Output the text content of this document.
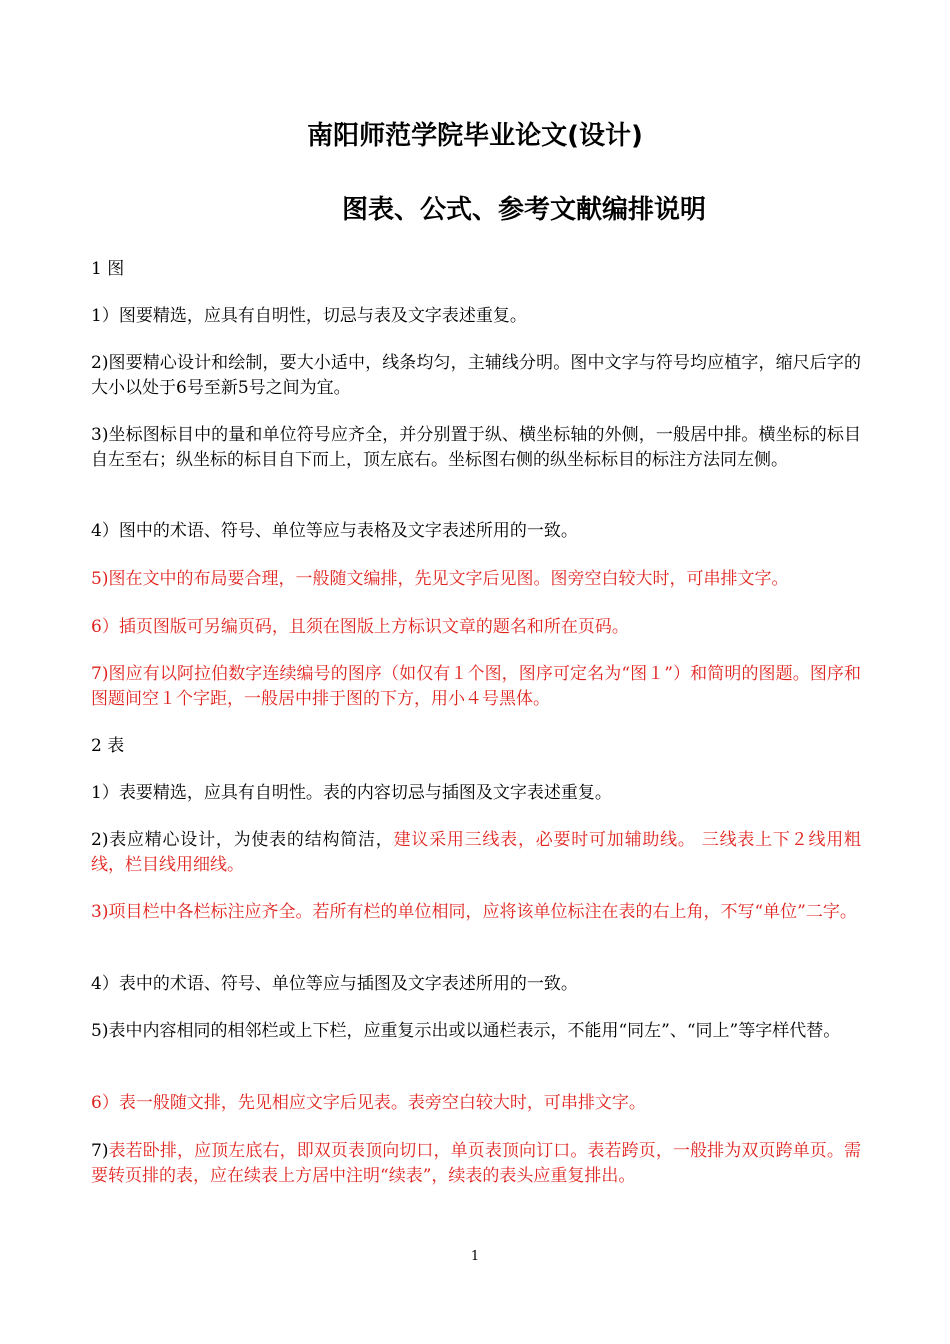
南阳师范学院毕业论文(设计)
图表、公式、参考文献编排说明
1 图
1）图要精选，应具有自明性，切忌与表及文字表述重复。
2)图要精心设计和绘制，要大小适中，线条均匀，主辅线分明。图中文字与符号均应植字，缩尺后字的大小以处于6号至新5号之间为宜。
3)坐标图标目中的量和单位符号应齐全，并分别置于纵、横坐标轴的外侧，一般居中排。横坐标的标目自左至右；纵坐标的标目自下而上，顶左底右。坐标图右侧的纵坐标标目的标注方法同左侧。
4）图中的术语、符号、单位等应与表格及文字表述所用的一致。
5)图在文中的布局要合理，一般随文编排，先见文字后见图。图旁空白较大时，可串排文字。
6）插页图版可另编页码，且须在图版上方标识文章的题名和所在页码。
7)图应有以阿拉伯数字连续编号的图序（如仅有１个图，图序可定名为“图１”）和简明的图题。图序和图题间空１个字距，一般居中排于图的下方，用小４号黑体。
2 表
1）表要精选，应具有自明性。表的内容切忌与插图及文字表述重复。
2)表应精心设计，为使表的结构简洁，建议采用三线表，必要时可加辅助线。 三线表上下２线用粗线，栏目线用细线。
3)项目栏中各栏标注应齐全。若所有栏的单位相同，应将该单位标注在表的右上角，不写“单位”二字。
4）表中的术语、符号、单位等应与插图及文字表述所用的一致。
5)表中内容相同的相邻栏或上下栏，应重复示出或以通栏表示，不能用“同左”、“同上”等字样代替。
6）表一般随文排，先见相应文字后见表。表旁空白较大时，可串排文字。
7)表若卧排，应顶左底右，即双页表顶向切口，单页表顶向订口。表若跨页，一般排为双页跨单页。需要转页排的表，应在续表上方居中注明“续表”，续表的表头应重复排出。
1
